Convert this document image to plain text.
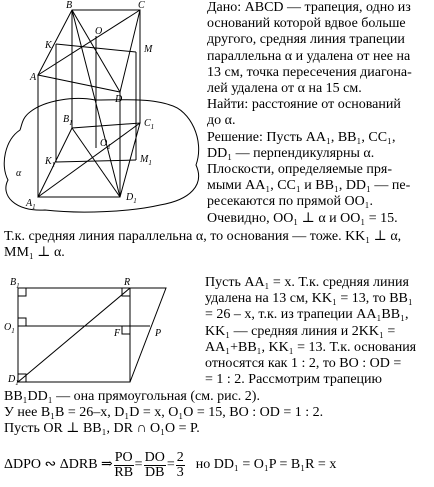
B	C
K
O
M
A
D
$B_1$	$C_1$
$K_1$
$O_1$
$M_1$
α
$A_1$
$D_1$
Дано: ABCD — трапеция, одно из
оснований которой вдвое больше
другого, средняя линия трапеции
параллельна α и удалена от нее на
13 см, точка пересечения диагона-
лей удалена от α на 15 см.
Найти: расстояние от оснований
до α.
Решение: Пусть AA₁, BB₁, CC₁,
DD₁ — перпендикулярны α.
Плоскости, определяемые пря-
мыми AA₁, CC₁ и BB₁, DD₁ — пе-
ресекаются по прямой OO₁.
Очевидно, OO₁ ⊥ α и OO₁ = 15.
Т.к. средняя линия параллельна α, то основания — тоже. KK₁ ⊥ α,
MM₁ ⊥ α.
$B_1$	R
$O_1$	F	P
$D_1$
Пусть AA₁ = x. Т.к. средняя линия
удалена на 13 см, KK₁ = 13, то BB₁
= 26 – x, т.к. из трапеции AA₁BB₁,
KK₁ — средняя линия и 2KK₁ =
AA₁+BB₁, KK₁ = 13. Т.к. основания
относятся как 1 : 2, то BO : OD =
= 1 : 2. Рассмотрим трапецию
BB₁DD₁ — она прямоугольная (см. рис. 2).
У нее B₁B = 26–x, D₁D = x, O₁O = 15, BO : OD = 1 : 2.
Пусть OR ⊥ BB₁, DR ∩ O₁O = P.
ΔDPO ∾ ΔDRB ⇒ $\frac{PO}{RB} = \frac{DO}{DB} = \frac{2}{3}$ но DD₁ = O₁P = B₁R = x
